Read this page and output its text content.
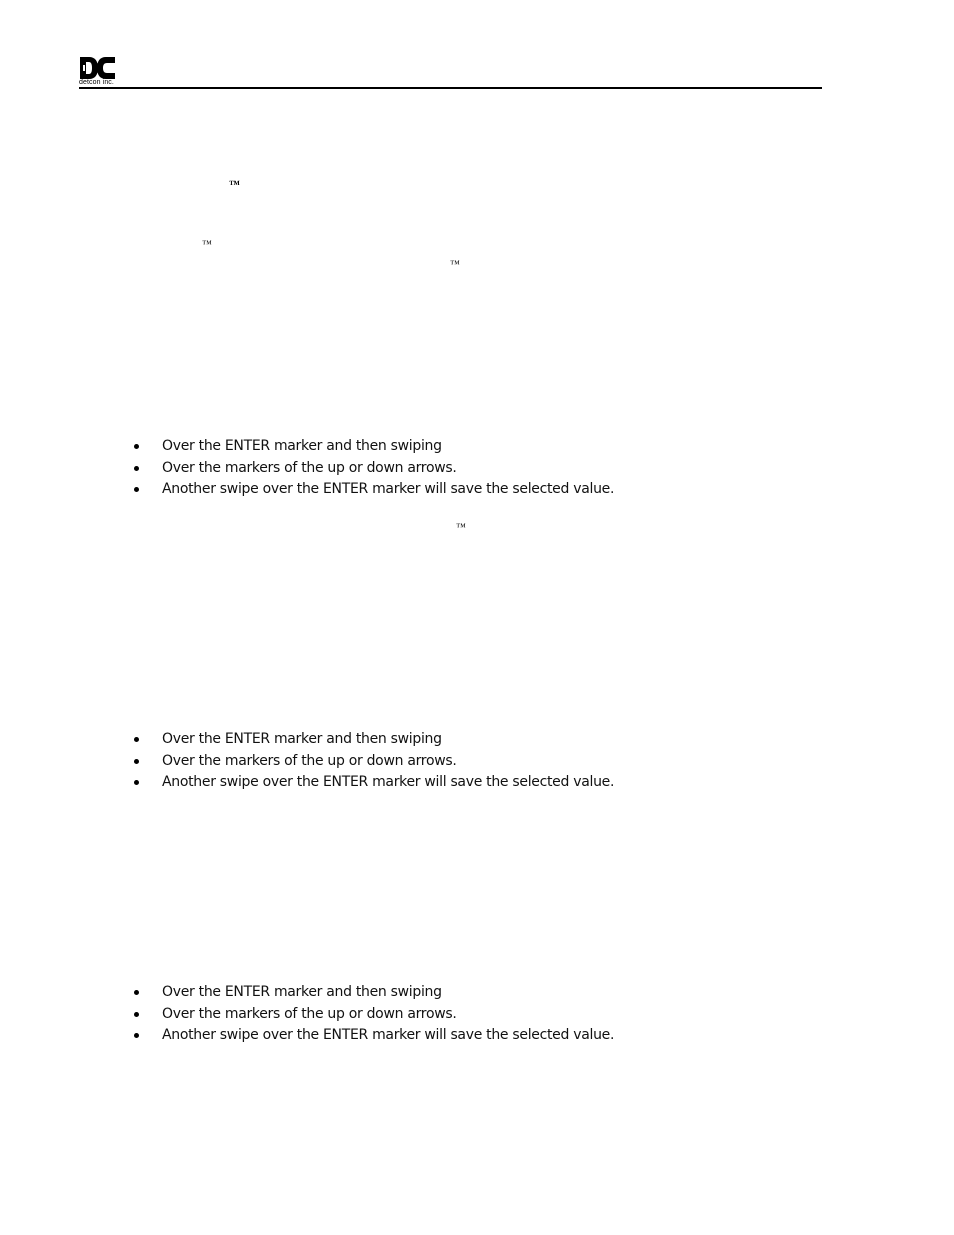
detcon inc.
™
™
™
™
Over the ENTER marker and then swiping
Over the markers of the up or down arrows.
Another swipe over the ENTER marker will save the selected value.
Over the ENTER marker and then swiping
Over the markers of the up or down arrows.
Another swipe over the ENTER marker will save the selected value.
Over the ENTER marker and then swiping
Over the markers of the up or down arrows.
Another swipe over the ENTER marker will save the selected value.
